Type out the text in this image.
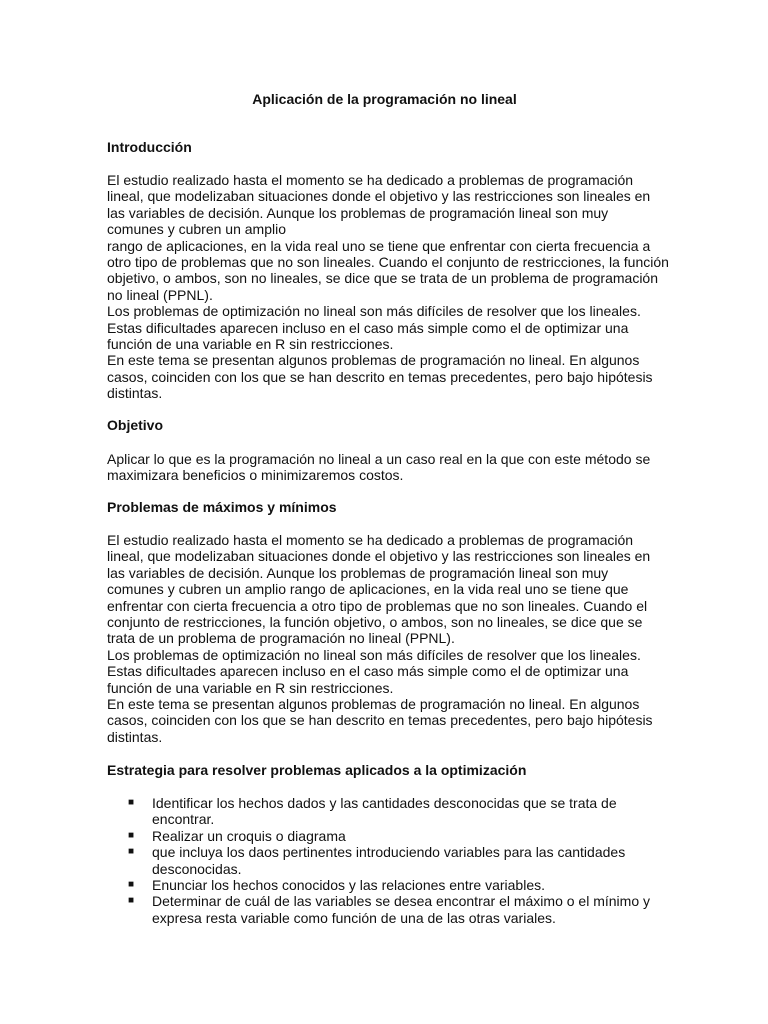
Aplicación de la programación no lineal
Introducción

El estudio realizado hasta el momento se ha dedicado a problemas de programación
lineal, que modelizaban situaciones donde el objetivo y las restricciones son lineales en
las variables de decisión. Aunque los problemas de programación lineal son muy
comunes y cubren un amplio
rango de aplicaciones, en la vida real uno se tiene que enfrentar con cierta frecuencia a
otro tipo de problemas que no son lineales. Cuando el conjunto de restricciones, la función
objetivo, o ambos, son no lineales, se dice que se trata de un problema de programación
no lineal (PPNL).
Los problemas de optimización no lineal son más difíciles de resolver que los lineales.
Estas dificultades aparecen incluso en el caso más simple como el de optimizar una
función de una variable en R sin restricciones.
En este tema se presentan algunos problemas de programación no lineal. En algunos
casos, coinciden con los que se han descrito en temas precedentes, pero bajo hipótesis
distintas.

Objetivo

Aplicar lo que es la programación no lineal a un caso real en la que con este método se
maximizara beneficios o minimizaremos costos.

Problemas de máximos y mínimos

El estudio realizado hasta el momento se ha dedicado a problemas de programación
lineal, que modelizaban situaciones donde el objetivo y las restricciones son lineales en
las variables de decisión. Aunque los problemas de programación lineal son muy
comunes y cubren un amplio rango de aplicaciones, en la vida real uno se tiene que
enfrentar con cierta frecuencia a otro tipo de problemas que no son lineales. Cuando el
conjunto de restricciones, la función objetivo, o ambos, son no lineales, se dice que se
trata de un problema de programación no lineal (PPNL).
Los problemas de optimización no lineal son más difíciles de resolver que los lineales.
Estas dificultades aparecen incluso en el caso más simple como el de optimizar una
función de una variable en R sin restricciones.
En este tema se presentan algunos problemas de programación no lineal. En algunos
casos, coinciden con los que se han descrito en temas precedentes, pero bajo hipótesis
distintas.

Estrategia para resolver problemas aplicados a la optimización
■ Identificar los hechos dados y las cantidades desconocidas que se trata de
encontrar.
■ Realizar un croquis o diagrama
■ que incluya los daos pertinentes introduciendo variables para las cantidades
desconocidas.
■ Enunciar los hechos conocidos y las relaciones entre variables.
■ Determinar de cuál de las variables se desea encontrar el máximo o el mínimo y
expresa resta variable como función de una de las otras variales.
